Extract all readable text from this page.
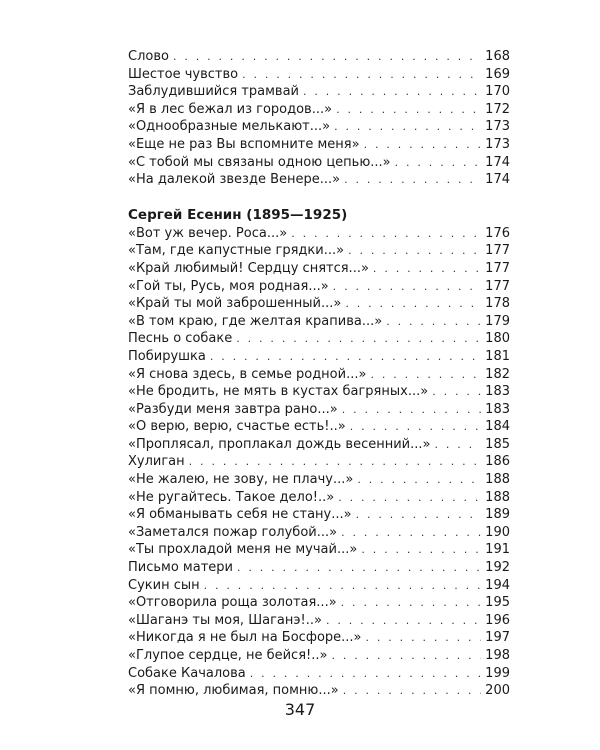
Слово . . .	168
Шестое чувство . . .	169
Заблудившийся трамвай . . .	170
«Я в лес бежал из городов...» . . .	172
«Однообразные мелькают...» . . .	173
«Еще не раз Вы вспомните меня» . . .	173
«С тобой мы связаны одною цепью...» . . .	174
«На далекой звезде Венере...» . . .	174
Сергей Есенин (1895—1925)
«Вот уж вечер. Роса...» . . .	176
«Там, где капустные грядки...» . . .	177
«Край любимый! Сердцу снятся...» . . .	177
«Гой ты, Русь, моя родная...» . . .	177
«Край ты мой заброшенный...» . . .	178
«В том краю, где желтая крапива...» . . .	179
Песнь о собаке . . .	180
Побирушка . . .	181
«Я снова здесь, в семье родной...» . . .	182
«Не бродить, не мять в кустах багряных...» . . .	183
«Разбуди меня завтра рано...» . . .	183
«О верю, верю, счастье есть!..» . . .	184
«Проплясал, проплакал дождь весенний...» . . .	185
Хулиган . . .	186
«Не жалею, не зову, не плачу...» . . .	188
«Не ругайтесь. Такое дело!..» . . .	188
«Я обманывать себя не стану...» . . .	189
«Заметался пожар голубой...» . . .	190
«Ты прохладой меня не мучай...» . . .	191
Письмо матери . . .	192
Сукин сын . . .	194
«Отговорила роща золотая...» . . .	195
«Шаганэ ты моя, Шаганэ!..» . . .	196
«Никогда я не был на Босфоре...» . . .	197
«Глупое сердце, не бейся!..» . . .	198
Собаке Качалова . . .	199
«Я помню, любимая, помню...» . . .	200
347
